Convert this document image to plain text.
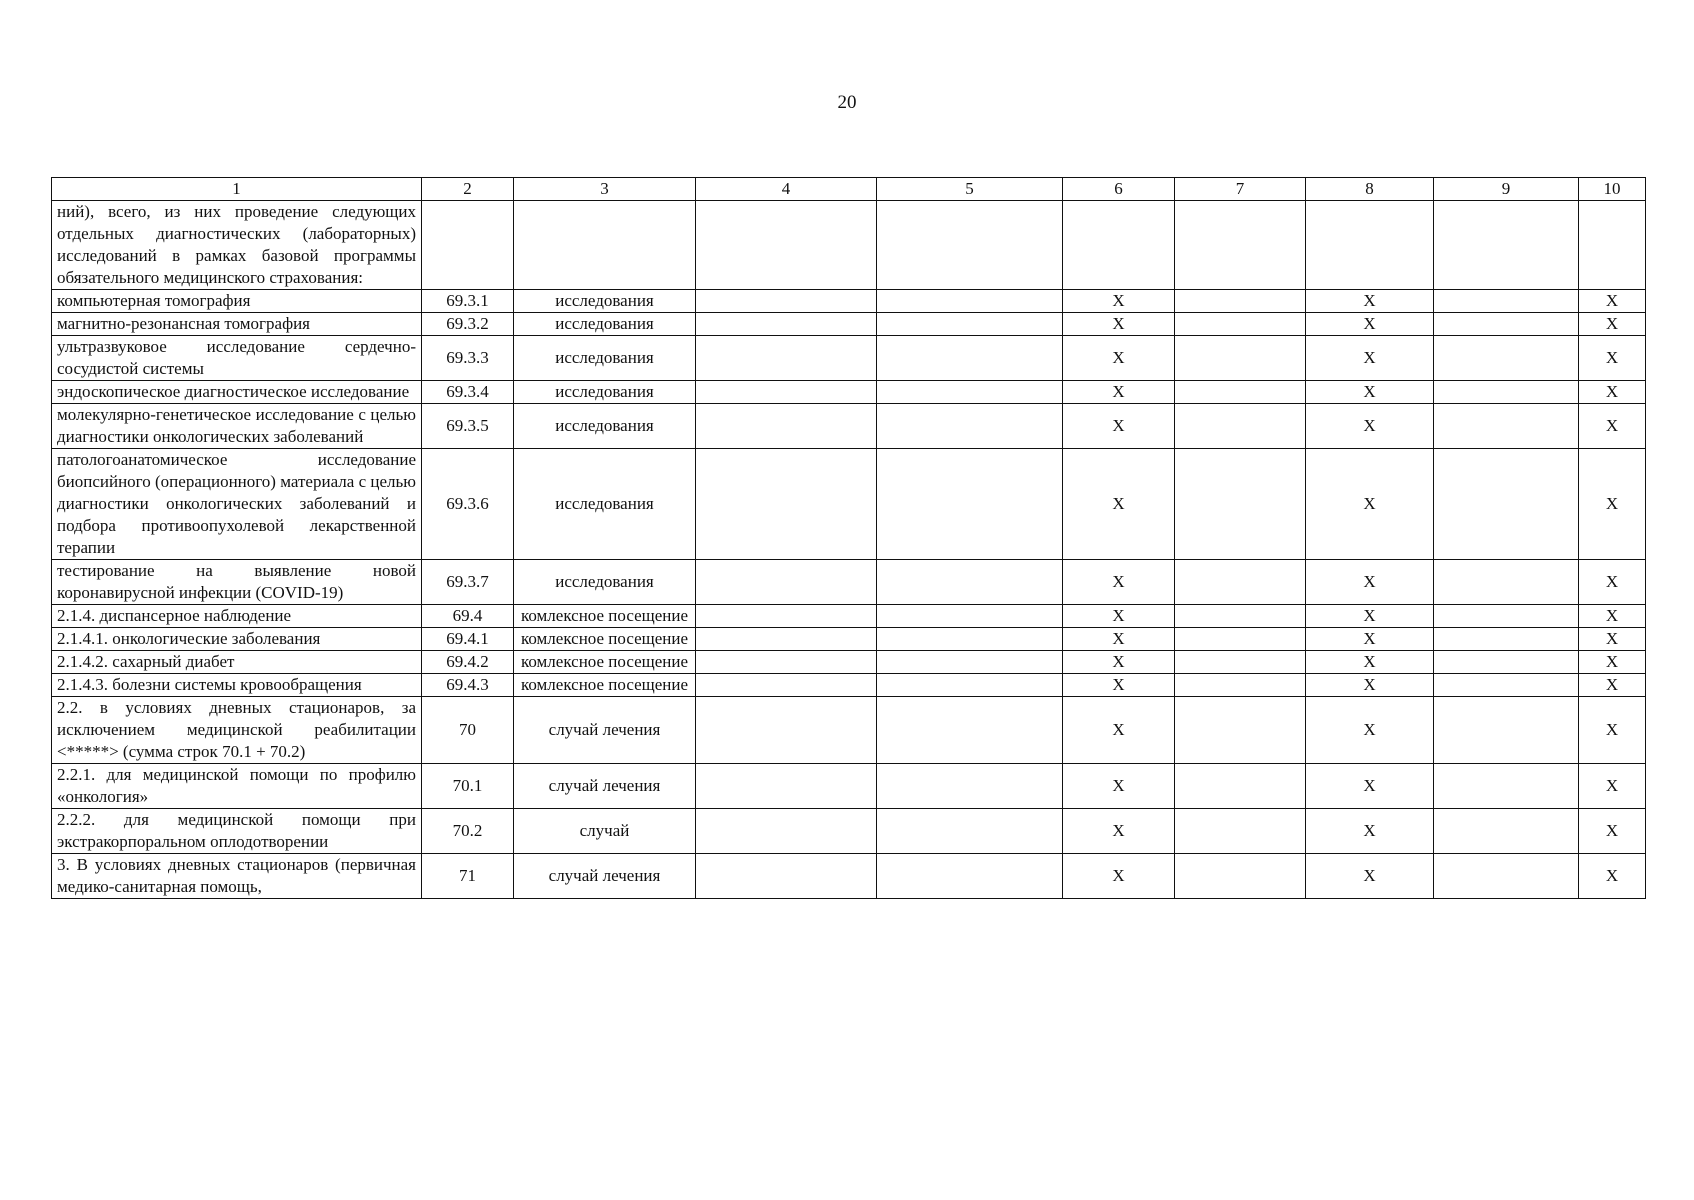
20
1	2	3	4	5	6	7	8	9	10
ний), всего, из них проведение следующих отдельных диагностических (лабораторных) исследований в рамках базовой программы обязательного медицинского страхования:									
компьютерная томография	69.3.1	исследования			X		X		X
магнитно-резонансная томография	69.3.2	исследования			X		X		X
ультразвуковое исследование сердечно-сосудистой системы	69.3.3	исследования			X		X		X
эндоскопическое диагностическое исследование	69.3.4	исследования			X		X		X
молекулярно-генетическое исследование с целью диагностики онкологических заболеваний	69.3.5	исследования			X		X		X
патологоанатомическое исследование биопсийного (операционного) материала с целью диагностики онкологических заболеваний и подбора противоопухолевой лекарственной терапии	69.3.6	исследования			X		X		X
тестирование на выявление новой коронавирусной инфекции (COVID-19)	69.3.7	исследования			X		X		X
2.1.4. диспансерное наблюдение	69.4	комлексное посещение			X		X		X
2.1.4.1. онкологические заболевания	69.4.1	комлексное посещение			X		X		X
2.1.4.2. сахарный диабет	69.4.2	комлексное посещение			X		X		X
2.1.4.3. болезни системы кровообращения	69.4.3	комлексное посещение			X		X		X
2.2. в условиях дневных стационаров, за исключением медицинской реабилитации <*****> (сумма строк 70.1 + 70.2)	70	случай лечения			X		X		X
2.2.1. для медицинской помощи по профилю «онкология»	70.1	случай лечения			X		X		X
2.2.2. для медицинской помощи при экстракорпоральном оплодотворении	70.2	случай			X		X		X
3. В условиях дневных стационаров (первичная медико-санитарная помощь,	71	случай лечения			X		X		X
